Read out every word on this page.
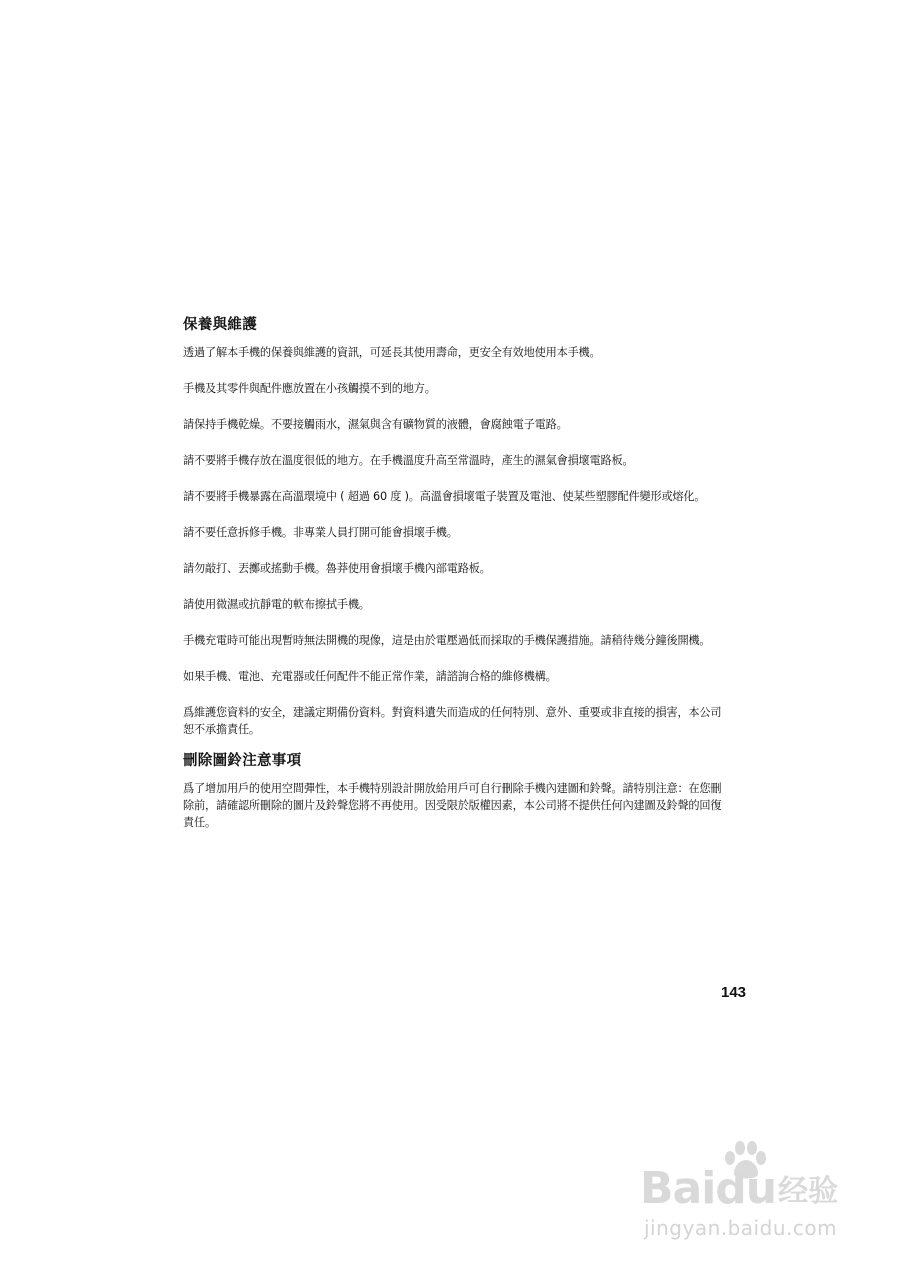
保養與維護

透過了解本手機的保養與維護的資訊，可延長其使用壽命，更安全有效地使用本手機。

手機及其零件與配件應放置在小孩觸摸不到的地方。

請保持手機乾燥。不要接觸雨水，濕氣與含有礦物質的液體，會腐蝕電子電路。

請不要將手機存放在溫度很低的地方。在手機溫度升高至常溫時，產生的濕氣會損壞電路板。

請不要將手機暴露在高溫環境中 ( 超過 60 度 )。高溫會損壞電子裝置及電池、使某些塑膠配件變形或熔化。

請不要任意拆修手機。非專業人員打開可能會損壞手機。

請勿敲打、丟擲或搖動手機。魯莽使用會損壞手機內部電路板。

請使用微濕或抗靜電的軟布擦拭手機。

手機充電時可能出現暫時無法開機的現像，這是由於電壓過低而採取的手機保護措施。請稍待幾分鐘後開機。

如果手機、電池、充電器或任何配件不能正常作業，請諮詢合格的維修機構。

爲維護您資料的安全，建議定期備份資料。對資料遺失而造成的任何特別、意外、重要或非直接的損害，本公司恕不承擔責任。

刪除圖鈴注意事項

爲了增加用戶的使用空間彈性，本手機特別設計開放給用戶可自行刪除手機內建圖和鈴聲。請特別注意：在您刪除前，請確認所刪除的圖片及鈴聲您將不再使用。因受限於版權因素，本公司將不提供任何內建圖及鈴聲的回復責任。

143
Baidu 经验
jingyan.baidu.com
